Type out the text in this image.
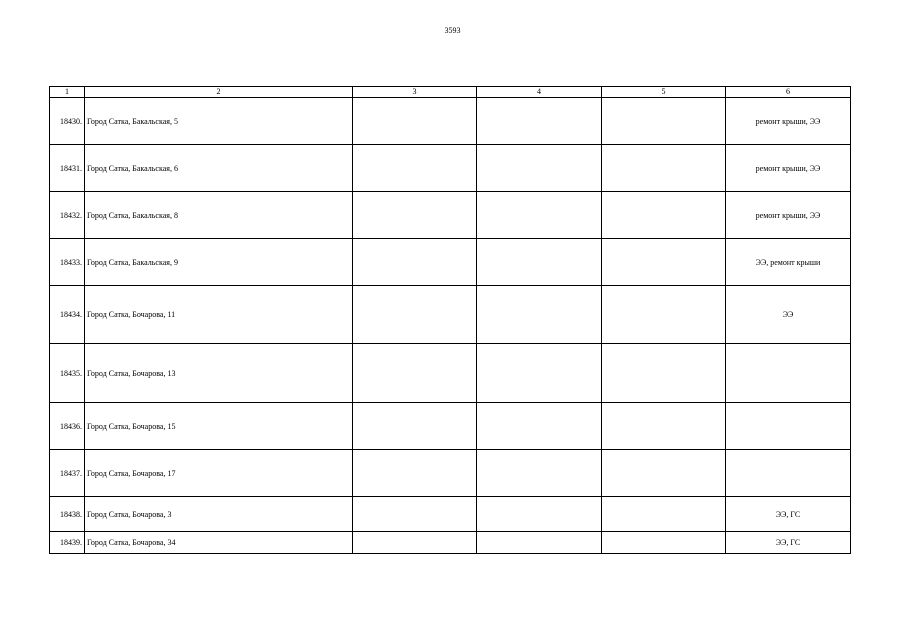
3593
1	2	3	4	5	6
18430.	Город Сатка, Бакальская, 5				ремонт крыши, ЭЭ
18431.	Город Сатка, Бакальская, 6				ремонт крыши, ЭЭ
18432.	Город Сатка, Бакальская, 8				ремонт крыши, ЭЭ
18433.	Город Сатка, Бакальская, 9				ЭЭ, ремонт крыши
18434.	Город Сатка, Бочарова, 11				ЭЭ
18435.	Город Сатка, Бочарова, 13				
18436.	Город Сатка, Бочарова, 15				
18437.	Город Сатка, Бочарова, 17				
18438.	Город Сатка, Бочарова, 3				ЭЭ, ГС
18439.	Город Сатка, Бочарова, 34				ЭЭ, ГС
